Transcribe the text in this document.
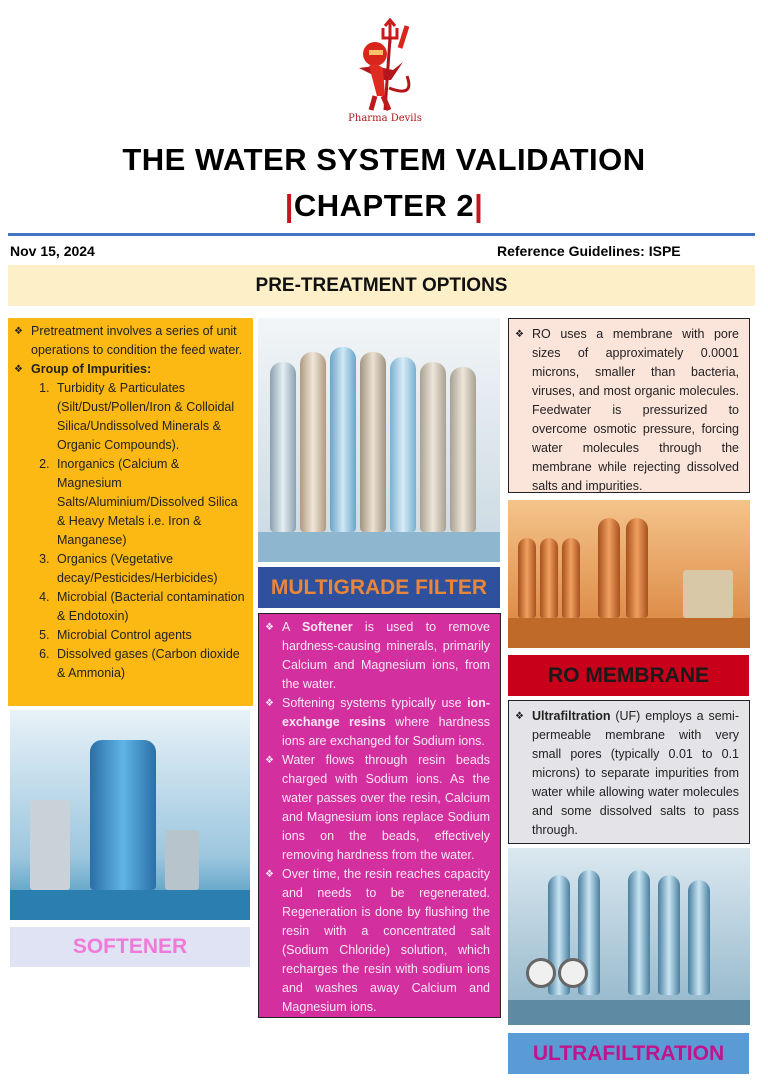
Pharma Devils
THE WATER SYSTEM VALIDATION
|CHAPTER 2|
Nov 15, 2024	Reference Guidelines: ISPE
PRE-TREATMENT OPTIONS
❖ Pretreatment involves a series of unit operations to condition the feed water.
❖ Group of Impurities:
1. Turbidity & Particulates (Silt/Dust/Pollen/Iron & Colloidal Silica/Undissolved Minerals & Organic Compounds).
2. Inorganics (Calcium & Magnesium Salts/Aluminium/Dissolved Silica & Heavy Metals i.e. Iron & Manganese)
3. Organics (Vegetative decay/Pesticides/Herbicides)
4. Microbial (Bacterial contamination & Endotoxin)
5. Microbial Control agents
6. Dissolved gases (Carbon dioxide & Ammonia)
SOFTENER
MULTIGRADE FILTER
❖ A Softener is used to remove hardness-causing minerals, primarily Calcium and Magnesium ions, from the water.
❖ Softening systems typically use ion-exchange resins where hardness ions are exchanged for Sodium ions.
❖ Water flows through resin beads charged with Sodium ions. As the water passes over the resin, Calcium and Magnesium ions replace Sodium ions on the beads, effectively removing hardness from the water.
❖ Over time, the resin reaches capacity and needs to be regenerated. Regeneration is done by flushing the resin with a concentrated salt (Sodium Chloride) solution, which recharges the resin with sodium ions and washes away Calcium and Magnesium ions.
❖ RO uses a membrane with pore sizes of approximately 0.0001 microns, smaller than bacteria, viruses, and most organic molecules. Feedwater is pressurized to overcome osmotic pressure, forcing water molecules through the membrane while rejecting dissolved salts and impurities.
RO MEMBRANE
❖ Ultrafiltration (UF) employs a semi-permeable membrane with very small pores (typically 0.01 to 0.1 microns) to separate impurities from water while allowing water molecules and some dissolved salts to pass through.
ULTRAFILTRATION
